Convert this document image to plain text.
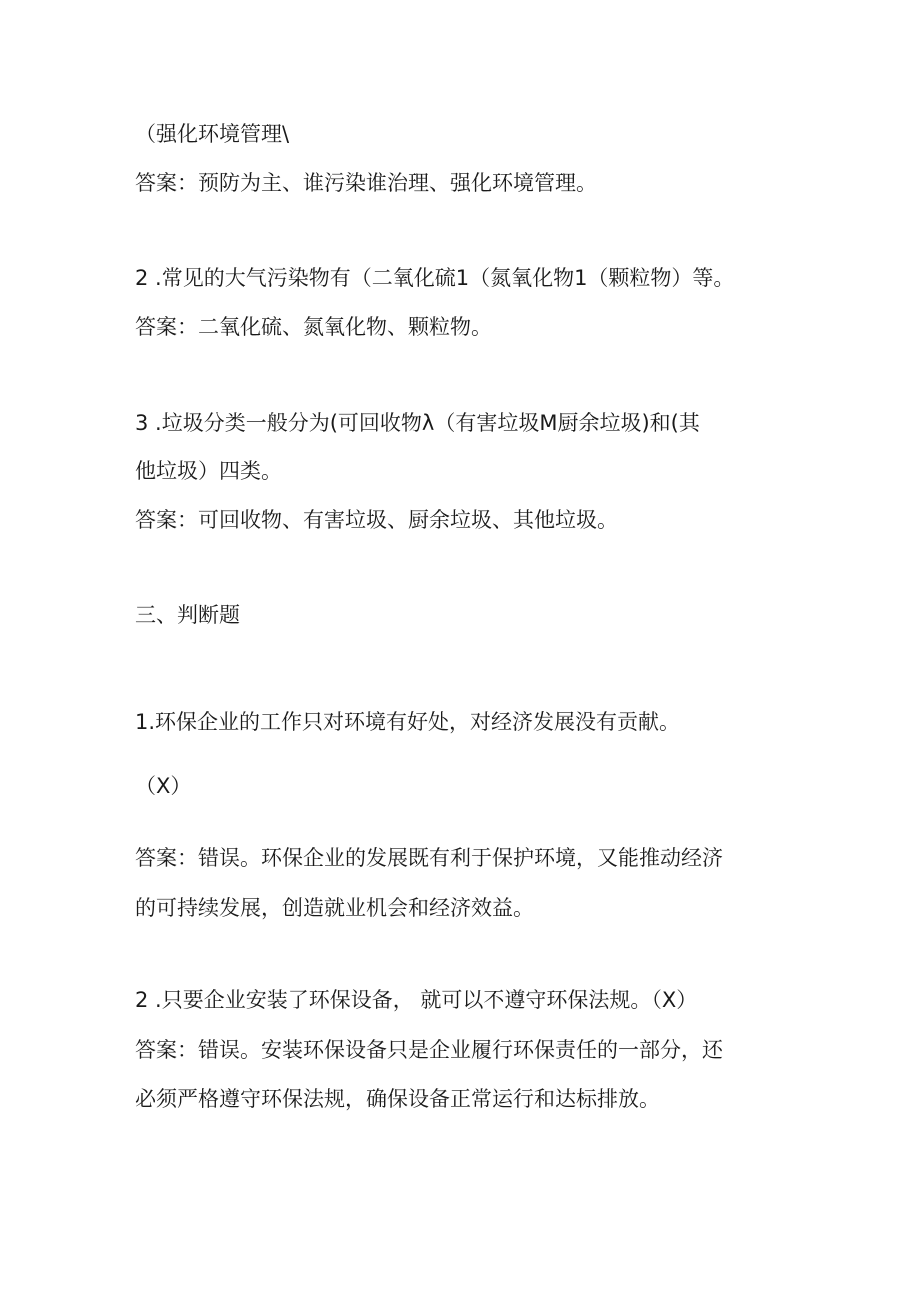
（强化环境管理\
答案：预防为主、谁污染谁治理、强化环境管理。
2 .常见的大气污染物有（二氧化硫1（氮氧化物1（颗粒物）等。
答案：二氧化硫、氮氧化物、颗粒物。
3 .垃圾分类一般分为(可回收物λ（有害垃圾M厨余垃圾)和(其
他垃圾）四类。
答案：可回收物、有害垃圾、厨余垃圾、其他垃圾。
三、判断题
1.环保企业的工作只对环境有好处，对经济发展没有贡献。
（X）
答案：错误。环保企业的发展既有利于保护环境，又能推动经济
的可持续发展，创造就业机会和经济效益。
2 .只要企业安装了环保设备， 就可以不遵守环保法规。（X）
答案：错误。安装环保设备只是企业履行环保责任的一部分，还
必须严格遵守环保法规，确保设备正常运行和达标排放。
